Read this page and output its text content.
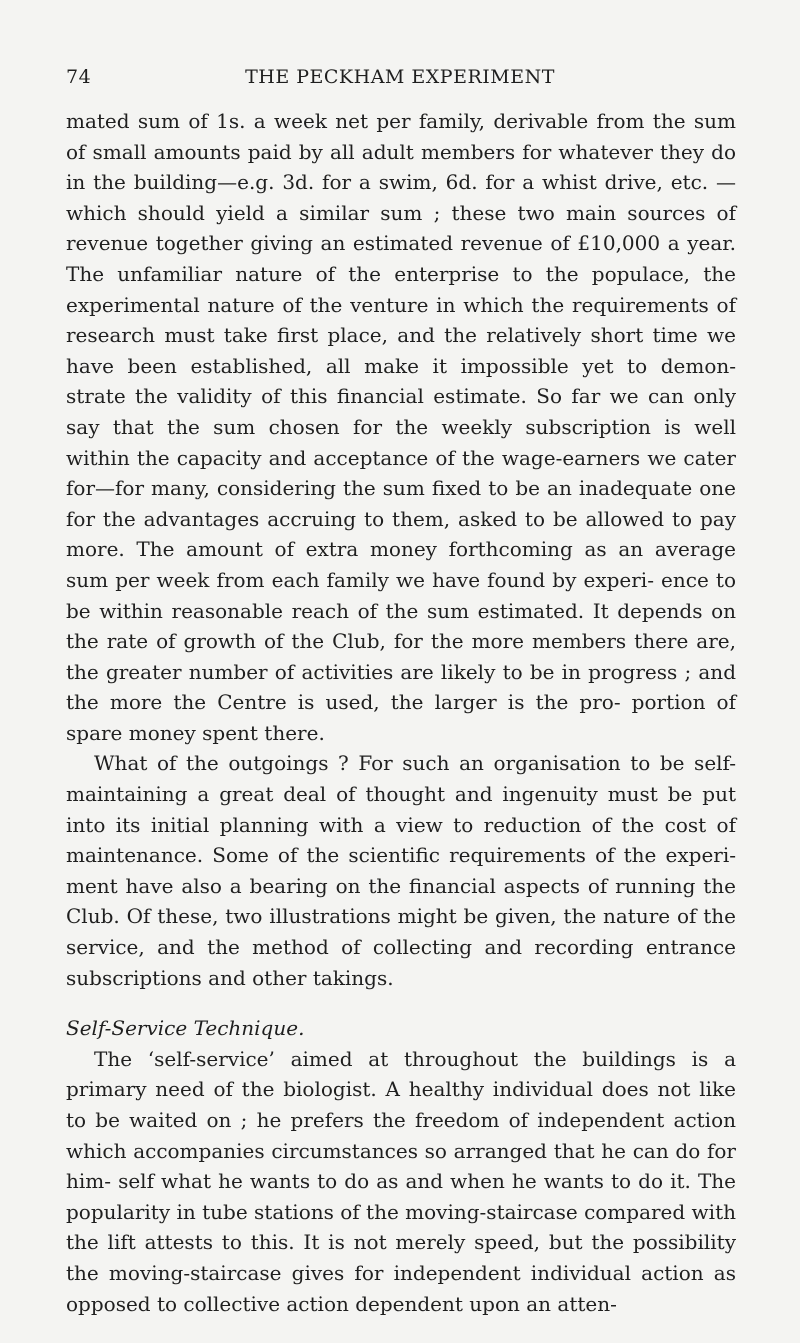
74	THE PECKHAM EXPERIMENT

mated sum of 1s. a week net per family, derivable from the sum of small amounts paid by all adult members for whatever they do in the building—e.g. 3d. for a swim, 6d. for a whist drive, etc. —which should yield a similar sum ; these two main sources of revenue together giving an estimated revenue of £10,000 a year. The unfamiliar nature of the enterprise to the populace, the experimental nature of the venture in which the requirements of research must take first place, and the relatively short time we have been established, all make it impossible yet to demon- strate the validity of this financial estimate. So far we can only say that the sum chosen for the weekly subscription is well within the capacity and acceptance of the wage-earners we cater for—for many, considering the sum fixed to be an inadequate one for the advantages accruing to them, asked to be allowed to pay more. The amount of extra money forthcoming as an average sum per week from each family we have found by experi- ence to be within reasonable reach of the sum estimated. It depends on the rate of growth of the Club, for the more members there are, the greater number of activities are likely to be in progress ; and the more the Centre is used, the larger is the pro- portion of spare money spent there.

What of the outgoings ? For such an organisation to be self- maintaining a great deal of thought and ingenuity must be put into its initial planning with a view to reduction of the cost of maintenance. Some of the scientific requirements of the experi- ment have also a bearing on the financial aspects of running the Club. Of these, two illustrations might be given, the nature of the service, and the method of collecting and recording entrance subscriptions and other takings.

Self-Service Technique.

The ‘self-service’ aimed at throughout the buildings is a primary need of the biologist. A healthy individual does not like to be waited on ; he prefers the freedom of independent action which accompanies circumstances so arranged that he can do for him- self what he wants to do as and when he wants to do it. The popularity in tube stations of the moving-staircase compared with the lift attests to this. It is not merely speed, but the possibility the moving-staircase gives for independent individual action as opposed to collective action dependent upon an atten-
